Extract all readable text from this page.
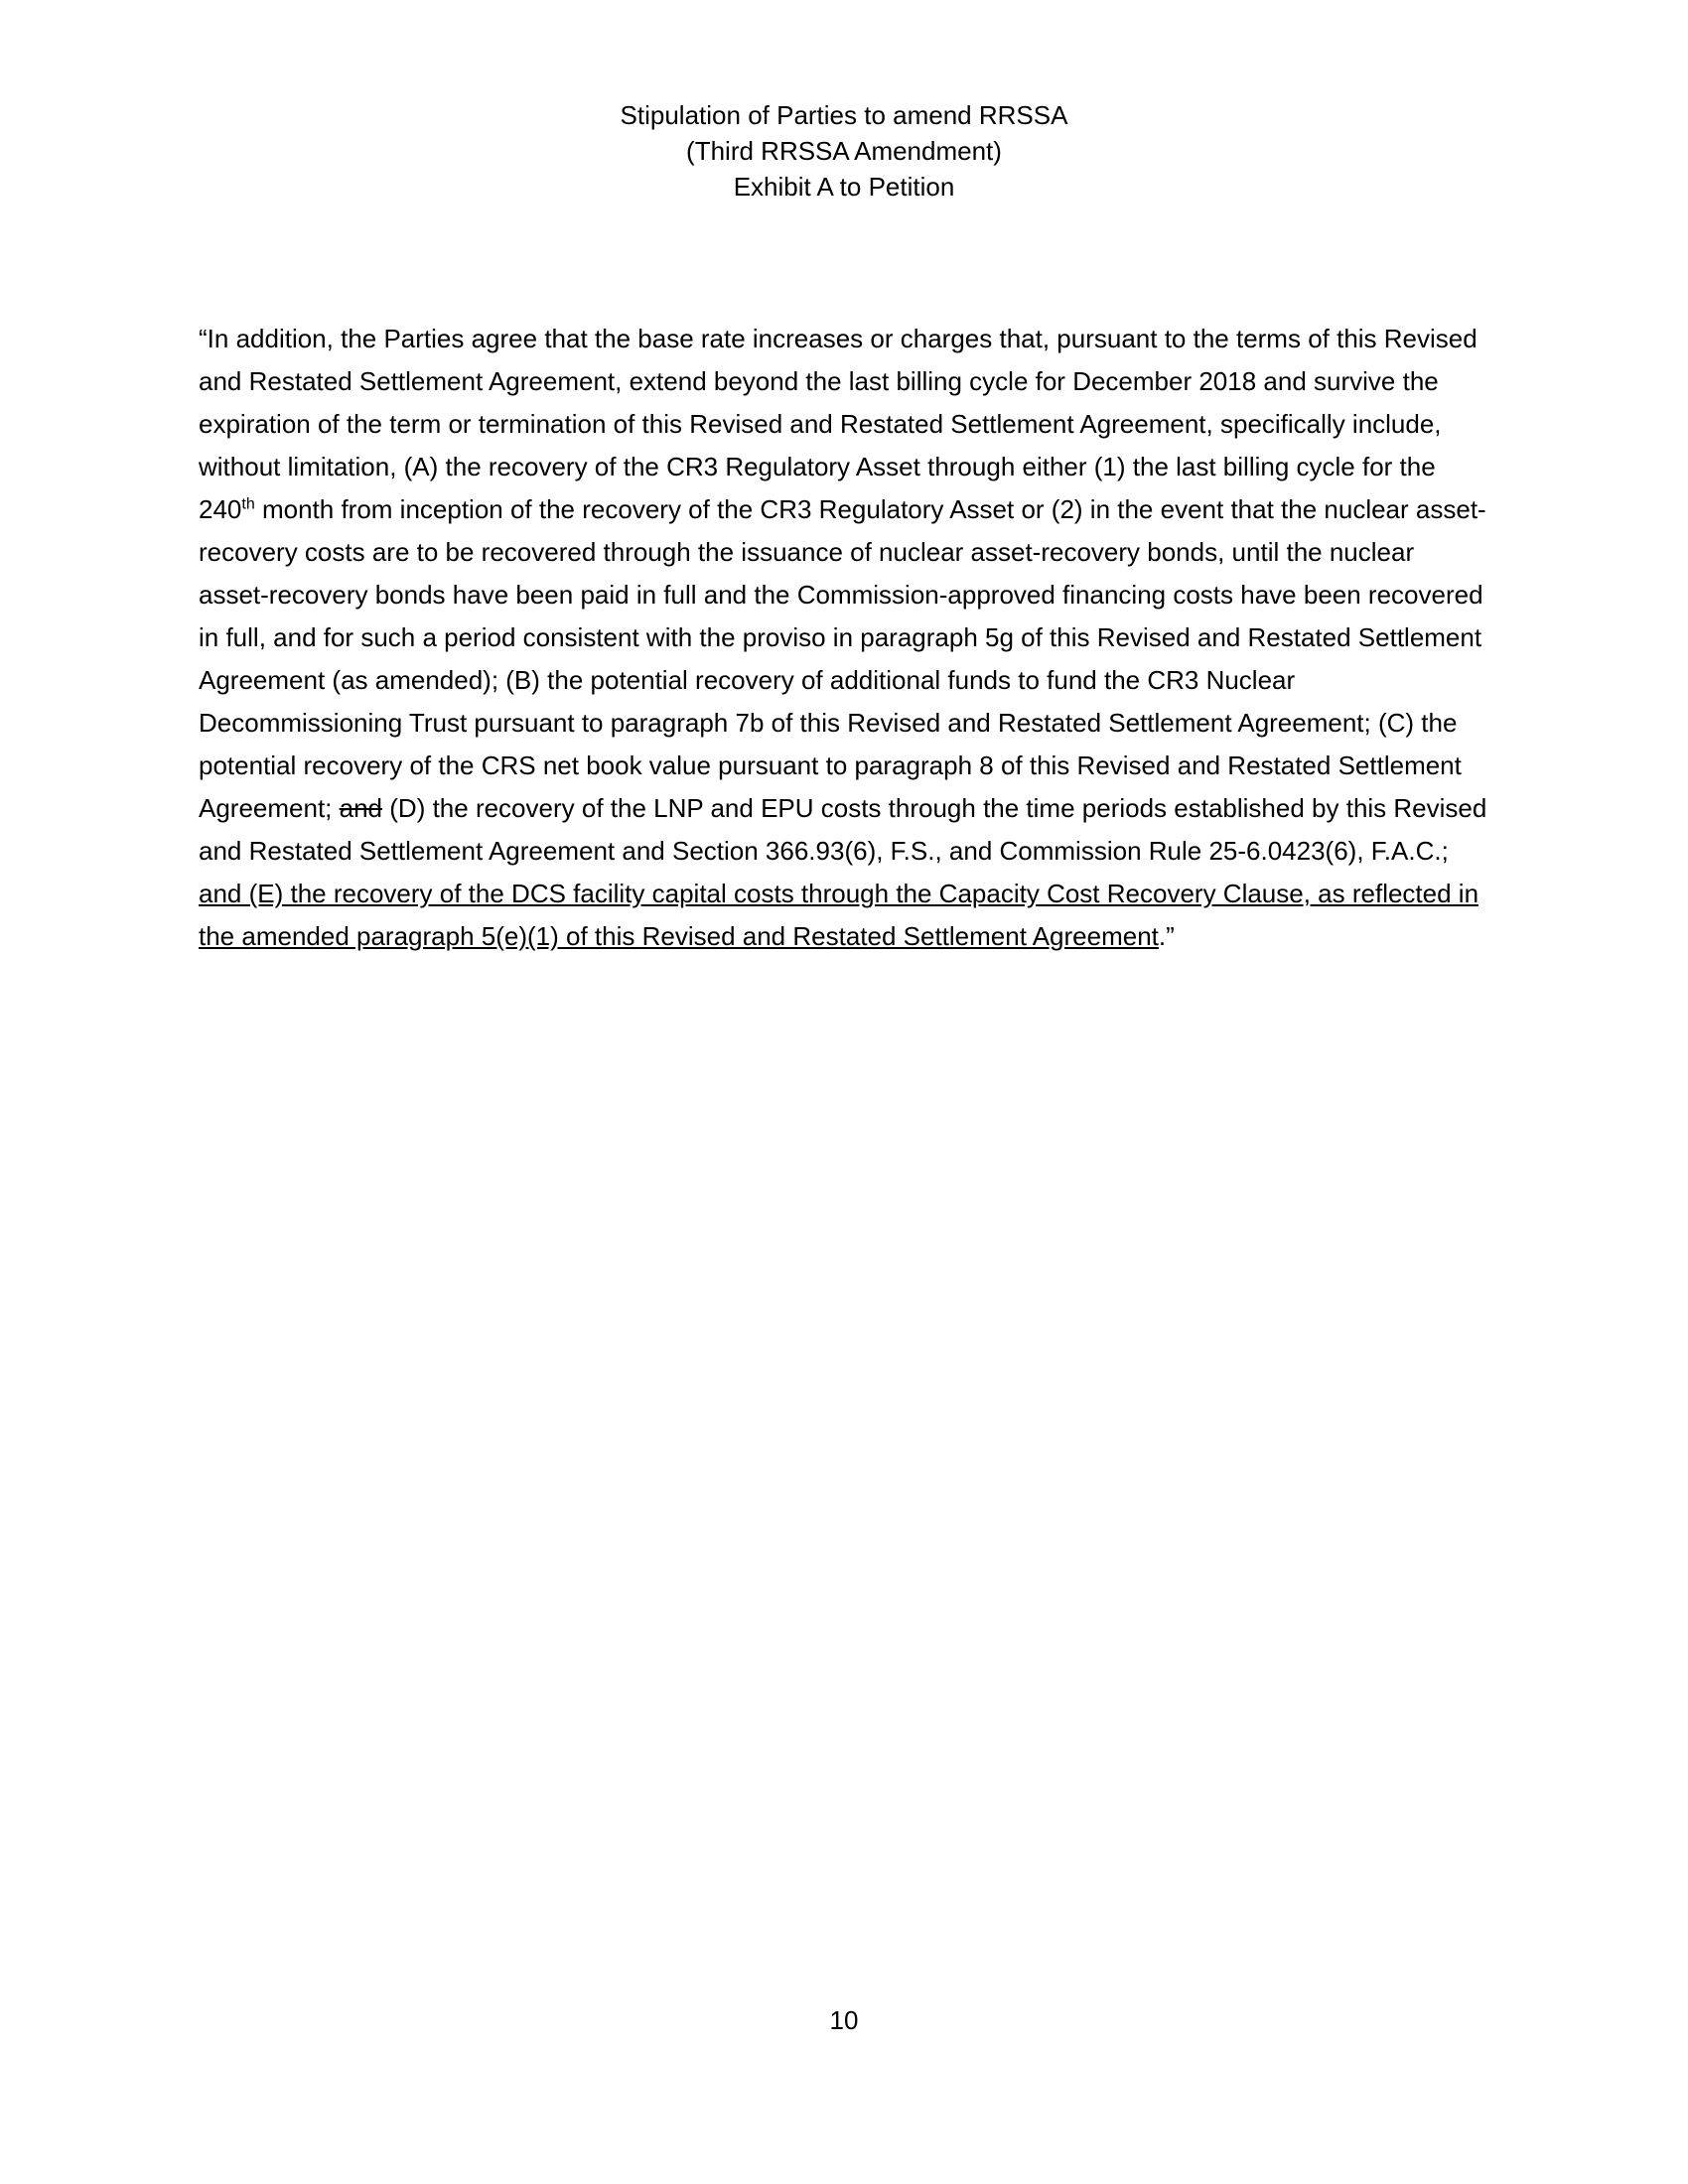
Stipulation of Parties to amend RRSSA
(Third RRSSA Amendment)
Exhibit A to Petition
“In addition, the Parties agree that the base rate increases or charges that, pursuant to the terms of this Revised and Restated Settlement Agreement, extend beyond the last billing cycle for December 2018 and survive the expiration of the term or termination of this Revised and Restated Settlement Agreement, specifically include, without limitation, (A) the recovery of the CR3 Regulatory Asset through either (1) the last billing cycle for the 240th month from inception of the recovery of the CR3 Regulatory Asset or (2) in the event that the nuclear asset-recovery costs are to be recovered through the issuance of nuclear asset-recovery bonds, until the nuclear asset-recovery bonds have been paid in full and the Commission-approved financing costs have been recovered in full, and for such a period consistent with the proviso in paragraph 5g of this Revised and Restated Settlement Agreement (as amended); (B) the potential recovery of additional funds to fund the CR3 Nuclear Decommissioning Trust pursuant to paragraph 7b of this Revised and Restated Settlement Agreement; (C) the potential recovery of the CRS net book value pursuant to paragraph 8 of this Revised and Restated Settlement Agreement; and (D) the recovery of the LNP and EPU costs through the time periods established by this Revised and Restated Settlement Agreement and Section 366.93(6), F.S., and Commission Rule 25-6.0423(6), F.A.C.; and (E) the recovery of the DCS facility capital costs through the Capacity Cost Recovery Clause, as reflected in the amended paragraph 5(e)(1) of this Revised and Restated Settlement Agreement.”
10
